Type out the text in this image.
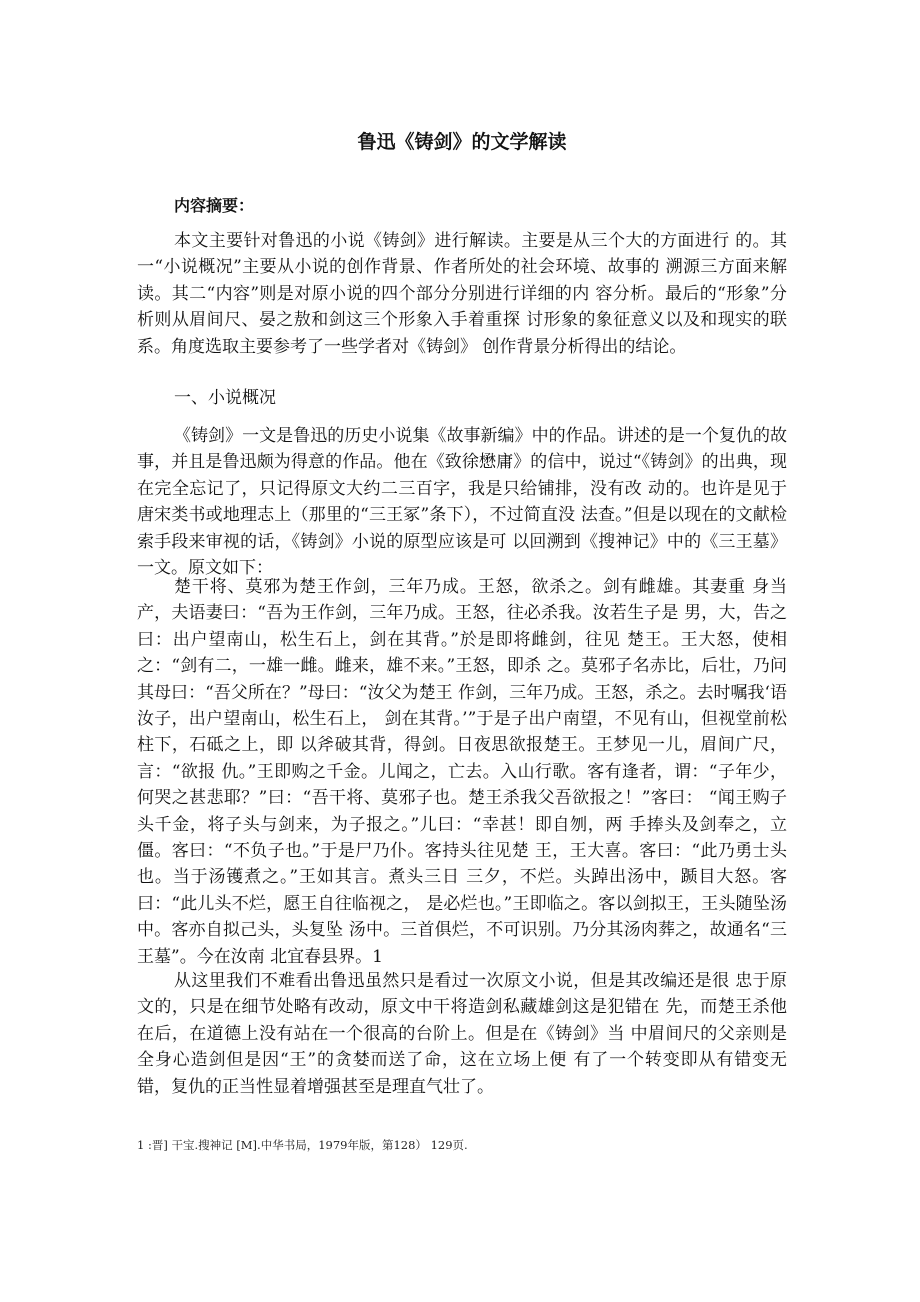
鲁迅《铸剑》的文学解读

内容摘要：

本文主要针对鲁迅的小说《铸剑》进行解读。主要是从三个大的方面进行 的。其一“小说概况”主要从小说的创作背景、作者所处的社会环境、故事的 溯源三方面来解读。其二“内容”则是对原小说的四个部分分别进行详细的内 容分析。最后的“形象”分析则从眉间尺、晏之敖和剑这三个形象入手着重探 讨形象的象征意义以及和现实的联系。角度选取主要参考了一些学者对《铸剑》 创作背景分析得出的结论。

一、小说概况

《铸剑》一文是鲁迅的历史小说集《故事新编》中的作品。讲述的是一个复仇的故事，并且是鲁迅颇为得意的作品。他在《致徐懋庸》的信中，说过“《铸剑》的出典，现在完全忘记了，只记得原文大约二三百字，我是只给铺排，没有改 动的。也许是见于唐宋类书或地理志上（那里的“三王冢”条下），不过简直没 法查。”但是以现在的文献检索手段来审视的话，《铸剑》小说的原型应该是可 以回溯到《搜神记》中的《三王墓》一文。原文如下：

楚干将、莫邪为楚王作剑，三年乃成。王怒，欲杀之。剑有雌雄。其妻重 身当产，夫语妻曰：“吾为王作剑，三年乃成。王怒，往必杀我。汝若生子是 男，大，告之曰：出户望南山，松生石上，剑在其背。”於是即将雌剑，往见 楚王。王大怒，使相之：“剑有二，一雄一雌。雌来，雄不来。”王怒，即杀 之。莫邪子名赤比，后壮，乃问其母曰：“吾父所在？”母曰：“汝父为楚王 作剑，三年乃成。王怒，杀之。去时嘱我‘语汝子，出户望南山，松生石上， 剑在其背。’”于是子出户南望，不见有山，但视堂前松柱下，石砥之上，即 以斧破其背，得剑。日夜思欲报楚王。王梦见一儿，眉间广尺，言：“欲报 仇。”王即购之千金。儿闻之，亡去。入山行歌。客有逢者，谓：“子年少， 何哭之甚悲耶？”曰：“吾干将、莫邪子也。楚王杀我父吾欲报之！”客曰： “闻王购子头千金，将子头与剑来，为子报之。”儿曰：“幸甚！即自刎，两 手捧头及剑奉之，立僵。客曰：“不负子也。”于是尸乃仆。客持头往见楚 王，王大喜。客曰：“此乃勇士头也。当于汤镬煮之。”王如其言。煮头三日 三夕，不烂。头踔出汤中，踬目大怒。客曰：“此儿头不烂，愿王自往临视之， 是必烂也。”王即临之。客以剑拟王，王头随坠汤中。客亦自拟己头，头复坠 汤中。三首俱烂，不可识别。乃分其汤肉葬之，故通名“三王墓”。今在汝南 北宜春县界。1

从这里我们不难看出鲁迅虽然只是看过一次原文小说，但是其改编还是很 忠于原文的，只是在细节处略有改动，原文中干将造剑私藏雄剑这是犯错在 先，而楚王杀他在后，在道德上没有站在一个很高的台阶上。但是在《铸剑》当 中眉间尺的父亲则是全身心造剑但是因“王”的贪婪而送了命，这在立场上便 有了一个转变即从有错变无错，复仇的正当性显着增强甚至是理直气壮了。

1 :晋] 干宝.搜神记 [M].中华书局，1979年版，第128） 129页.
